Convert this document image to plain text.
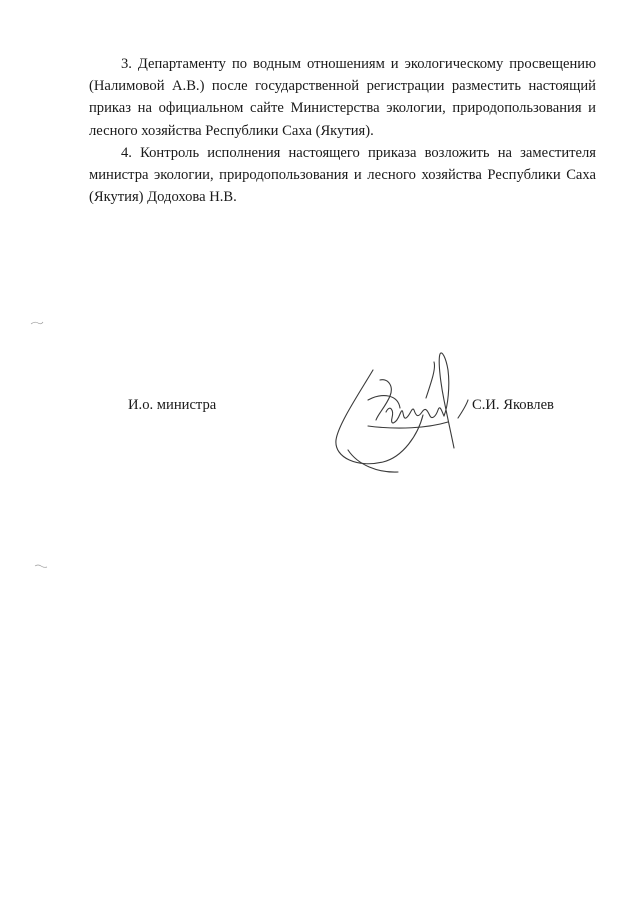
3. Департаменту по водным отношениям и экологическому просвещению (Налимовой А.В.) после государственной регистрации разместить настоящий приказ на официальном сайте Министерства экологии, природопользования и лесного хозяйства Республики Саха (Якутия).

4. Контроль исполнения настоящего приказа возложить на заместителя министра экологии, природопользования и лесного хозяйства Республики Саха (Якутия) Додохова Н.В.

И.о. министра	С.И. Яковлев
